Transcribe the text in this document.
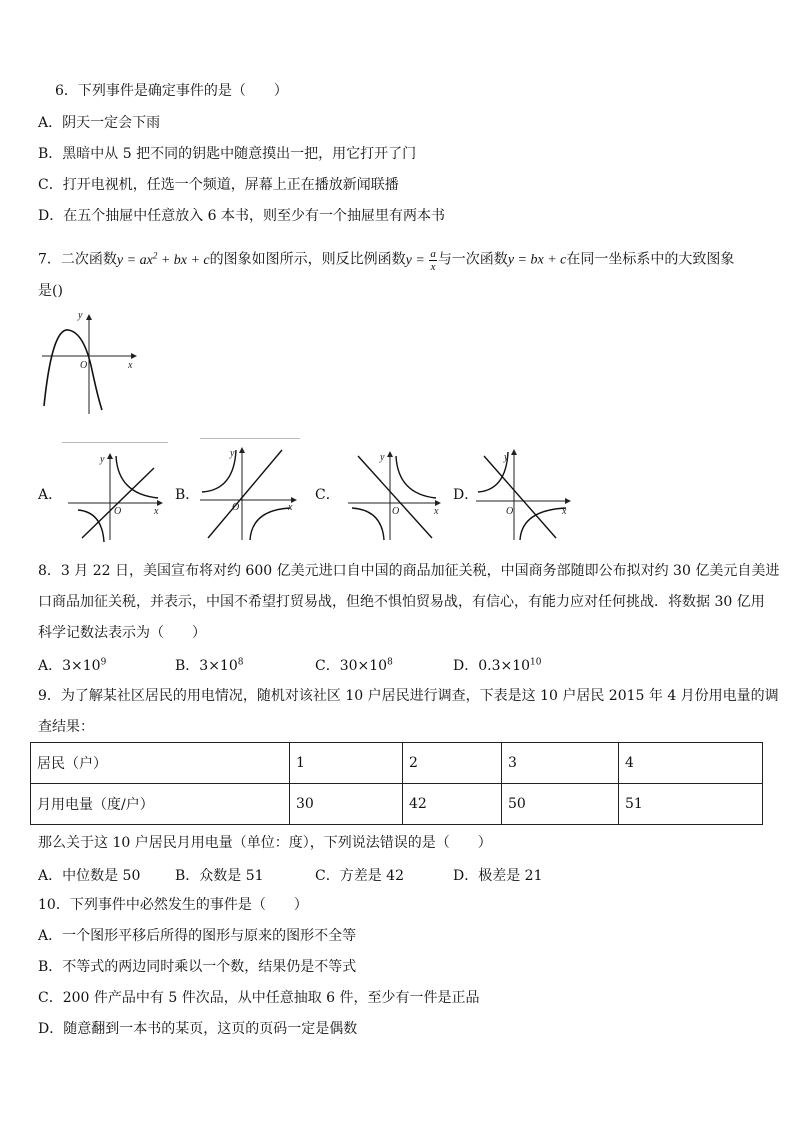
6．下列事件是确定事件的是（　　）
A．阴天一定会下雨
B．黑暗中从 5 把不同的钥匙中随意摸出一把，用它打开了门
C．打开电视机，任选一个频道，屏幕上正在播放新闻联播
D．在五个抽屉中任意放入 6 本书，则至少有一个抽屉里有两本书
7．二次函数$y = ax^2$ + bx + c的图象如图所示，则反比例函数$y = \frac{a}{x}$ 与一次函数y = bx + c在同一坐标系中的大致图象
是()
y
x
O
A．	B．	C．	D．
y
x
O
y
x
O
y
x
O
y
x
O
8．3 月 22 日，美国宣布将对约 600 亿美元进口自中国的商品加征关税，中国商务部随即公布拟对约 30 亿美元自美进
口商品加征关税，并表示，中国不希望打贸易战，但绝不惧怕贸易战，有信心，有能力应对任何挑战．将数据 30 亿用
科学记数法表示为（　　）
A．$3\times 10^9$	B．$3\times 10^8$	C．$30\times 10^8$	D．$0.3\times 10^{10}$
9．为了解某社区居民的用电情况，随机对该社区 10 户居民进行调查，下表是这 10 户居民 2015 年 4 月份用电量的调
查结果：
居民（户）	1	2	3	4
月用电量（度/户）	30	42	50	51
那么关于这 10 户居民月用电量（单位：度），下列说法错误的是（　　）
A．中位数是 50 B．众数是 51	C．方差是 42	D．极差是 21
10．下列事件中必然发生的事件是（　　）
A．一个图形平移后所得的图形与原来的图形不全等
B．不等式的两边同时乘以一个数，结果仍是不等式
C．200 件产品中有 5 件次品，从中任意抽取 6 件，至少有一件是正品
D．随意翻到一本书的某页，这页的页码一定是偶数
